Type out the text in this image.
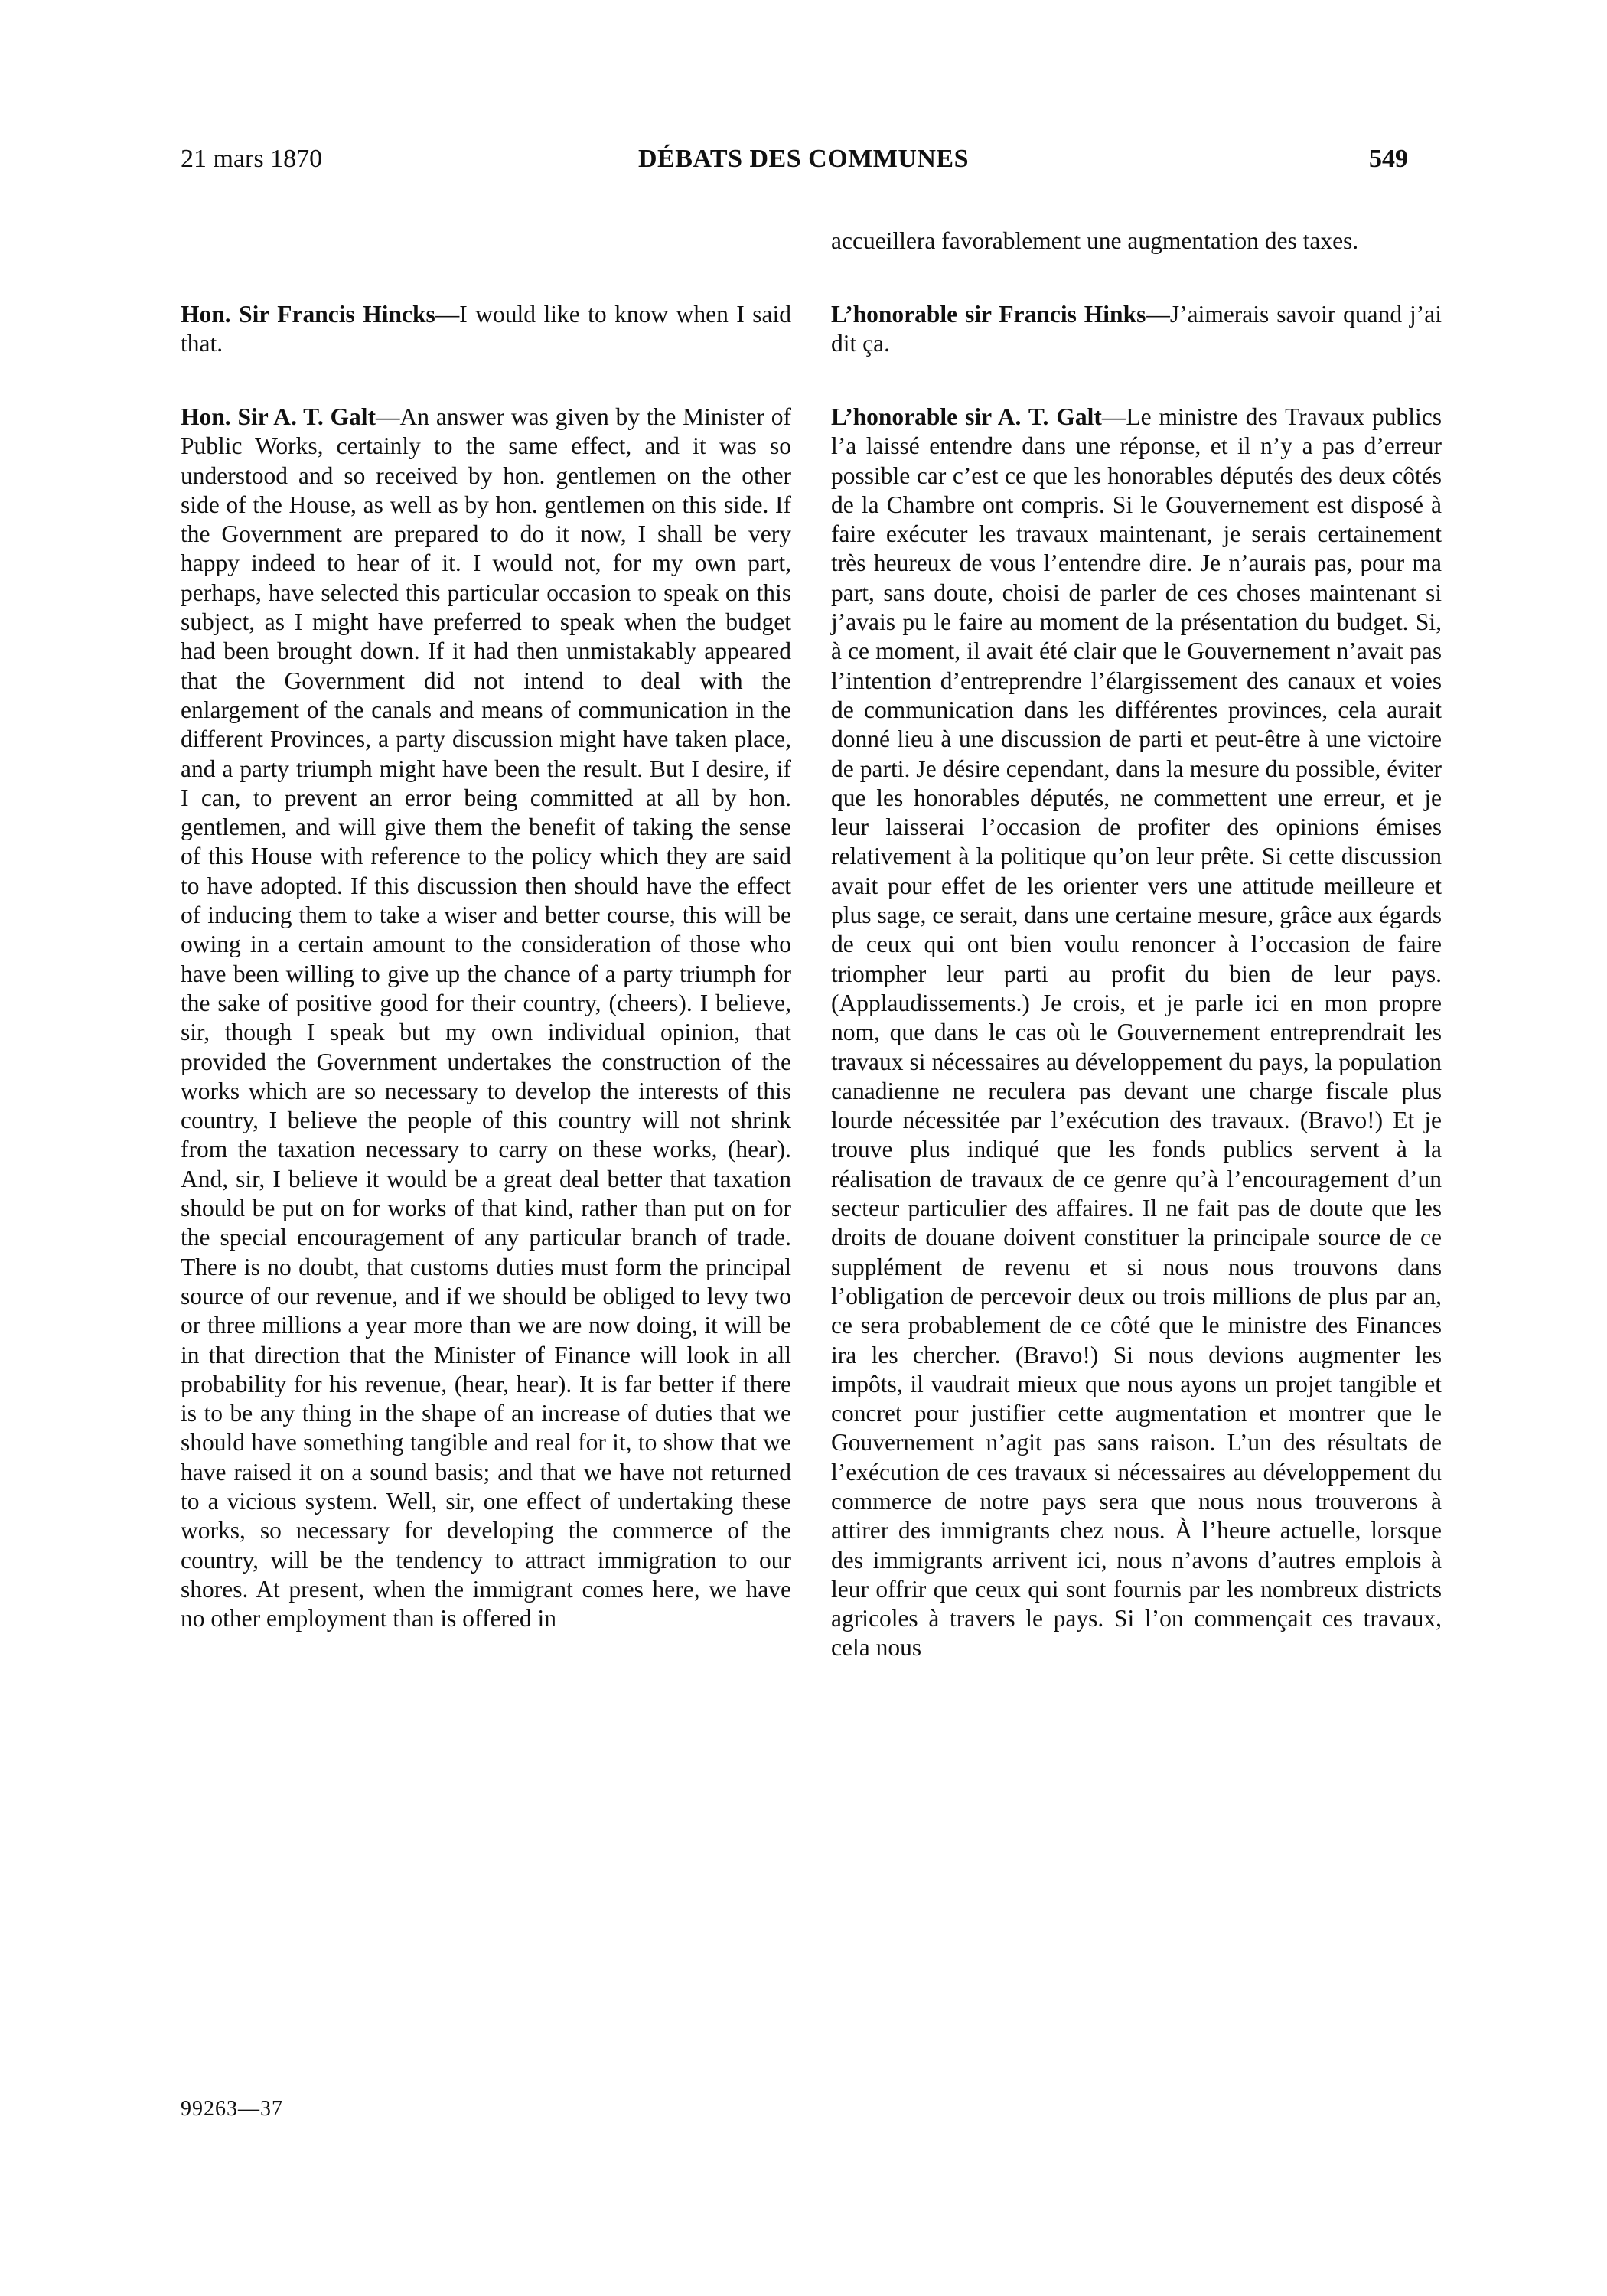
21 mars 1870	DÉBATS DES COMMUNES	549

accueillera favorablement une augmentation des taxes.

Hon. Sir Francis Hincks—I would like to know when I said that.

L’honorable sir Francis Hinks—J’aimerais savoir quand j’ai dit ça.

Hon. Sir A. T. Galt—An answer was given by the Minister of Public Works, certainly to the same effect, and it was so understood and so received by hon. gentlemen on the other side of the House, as well as by hon. gentlemen on this side. If the Government are prepared to do it now, I shall be very happy indeed to hear of it. I would not, for my own part, perhaps, have selected this particular occasion to speak on this subject, as I might have preferred to speak when the budget had been brought down. If it had then unmistakably appeared that the Government did not intend to deal with the enlargement of the canals and means of communication in the different Provinces, a party discussion might have taken place, and a party triumph might have been the result. But I desire, if I can, to prevent an error being committed at all by hon. gentlemen, and will give them the benefit of taking the sense of this House with reference to the policy which they are said to have adopted. If this discussion then should have the effect of inducing them to take a wiser and better course, this will be owing in a certain amount to the consideration of those who have been willing to give up the chance of a party triumph for the sake of positive good for their country, (cheers). I believe, sir, though I speak but my own individual opinion, that provided the Government undertakes the construction of the works which are so necessary to develop the interests of this country, I believe the people of this country will not shrink from the taxation necessary to carry on these works, (hear). And, sir, I believe it would be a great deal better that taxation should be put on for works of that kind, rather than put on for the special encouragement of any particular branch of trade. There is no doubt, that customs duties must form the principal source of our revenue, and if we should be obliged to levy two or three millions a year more than we are now doing, it will be in that direction that the Minister of Finance will look in all probability for his revenue, (hear, hear). It is far better if there is to be any thing in the shape of an increase of duties that we should have something tangible and real for it, to show that we have raised it on a sound basis; and that we have not returned to a vicious system. Well, sir, one effect of undertaking these works, so necessary for developing the commerce of the country, will be the tendency to attract immigration to our shores. At present, when the immigrant comes here, we have no other employment than is offered in

L’honorable sir A. T. Galt—Le ministre des Travaux publics l’a laissé entendre dans une réponse, et il n’y a pas d’erreur possible car c’est ce que les honorables députés des deux côtés de la Chambre ont compris. Si le Gouvernement est disposé à faire exécuter les travaux maintenant, je serais certainement très heureux de vous l’entendre dire. Je n’aurais pas, pour ma part, sans doute, choisi de parler de ces choses maintenant si j’avais pu le faire au moment de la présentation du budget. Si, à ce moment, il avait été clair que le Gouvernement n’avait pas l’intention d’entreprendre l’élargissement des canaux et voies de communication dans les différentes provinces, cela aurait donné lieu à une discussion de parti et peut-être à une victoire de parti. Je désire cependant, dans la mesure du possible, éviter que les honorables députés, ne commettent une erreur, et je leur laisserai l’occasion de profiter des opinions émises relativement à la politique qu’on leur prête. Si cette discussion avait pour effet de les orienter vers une attitude meilleure et plus sage, ce serait, dans une certaine mesure, grâce aux égards de ceux qui ont bien voulu renoncer à l’occasion de faire triompher leur parti au profit du bien de leur pays. (Applaudissements.) Je crois, et je parle ici en mon propre nom, que dans le cas où le Gouvernement entreprendrait les travaux si nécessaires au développement du pays, la population canadienne ne reculera pas devant une charge fiscale plus lourde nécessitée par l’exécution des travaux. (Bravo!) Et je trouve plus indiqué que les fonds publics servent à la réalisation de travaux de ce genre qu’à l’encouragement d’un secteur particulier des affaires. Il ne fait pas de doute que les droits de douane doivent constituer la principale source de ce supplément de revenu et si nous nous trouvons dans l’obligation de percevoir deux ou trois millions de plus par an, ce sera probablement de ce côté que le ministre des Finances ira les chercher. (Bravo!) Si nous devions augmenter les impôts, il vaudrait mieux que nous ayons un projet tangible et concret pour justifier cette augmentation et montrer que le Gouvernement n’agit pas sans raison. L’un des résultats de l’exécution de ces travaux si nécessaires au développement du commerce de notre pays sera que nous nous trouverons à attirer des immigrants chez nous. À l’heure actuelle, lorsque des immigrants arrivent ici, nous n’avons d’autres emplois à leur offrir que ceux qui sont fournis par les nombreux districts agricoles à travers le pays. Si l’on commençait ces travaux, cela nous

99263—37
